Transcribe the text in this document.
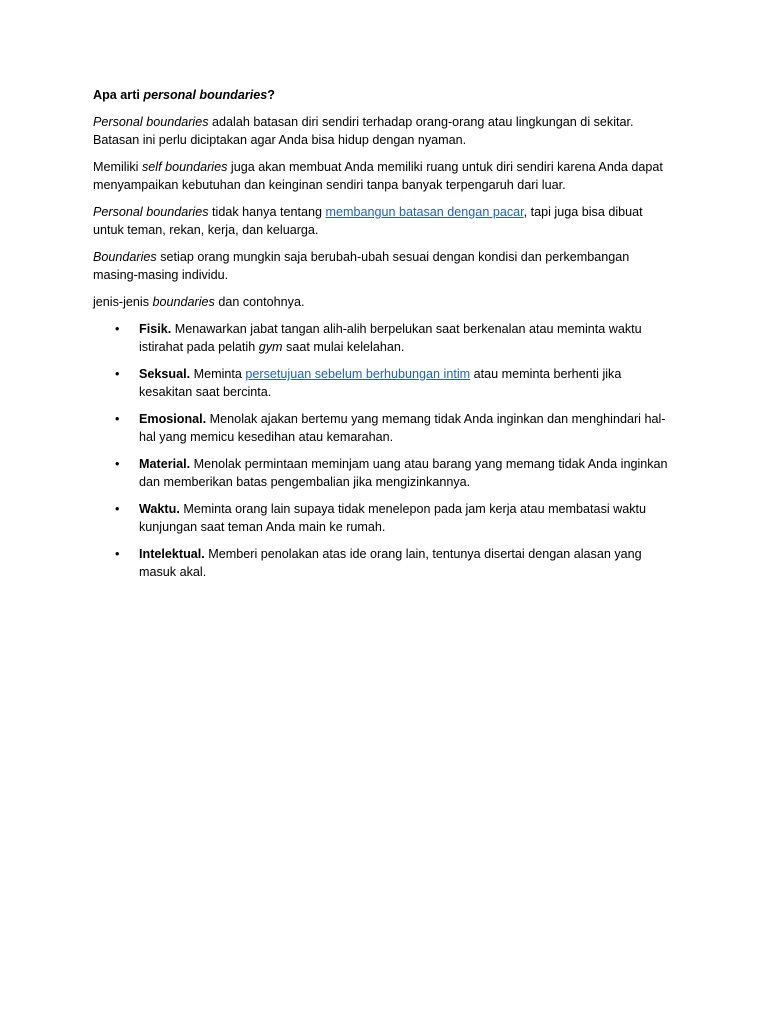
Apa arti personal boundaries?

Personal boundaries adalah batasan diri sendiri terhadap orang-orang atau lingkungan di sekitar. Batasan ini perlu diciptakan agar Anda bisa hidup dengan nyaman.

Memiliki self boundaries juga akan membuat Anda memiliki ruang untuk diri sendiri karena Anda dapat menyampaikan kebutuhan dan keinginan sendiri tanpa banyak terpengaruh dari luar.

Personal boundaries tidak hanya tentang membangun batasan dengan pacar, tapi juga bisa dibuat untuk teman, rekan, kerja, dan keluarga.

Boundaries setiap orang mungkin saja berubah-ubah sesuai dengan kondisi dan perkembangan masing-masing individu.

jenis-jenis boundaries dan contohnya.

• Fisik. Menawarkan jabat tangan alih-alih berpelukan saat berkenalan atau meminta waktu istirahat pada pelatih gym saat mulai kelelahan.
• Seksual. Meminta persetujuan sebelum berhubungan intim atau meminta berhenti jika kesakitan saat bercinta.
• Emosional. Menolak ajakan bertemu yang memang tidak Anda inginkan dan menghindari hal-hal yang memicu kesedihan atau kemarahan.
• Material. Menolak permintaan meminjam uang atau barang yang memang tidak Anda inginkan dan memberikan batas pengembalian jika mengizinkannya.
• Waktu. Meminta orang lain supaya tidak menelepon pada jam kerja atau membatasi waktu kunjungan saat teman Anda main ke rumah.
• Intelektual. Memberi penolakan atas ide orang lain, tentunya disertai dengan alasan yang masuk akal.
